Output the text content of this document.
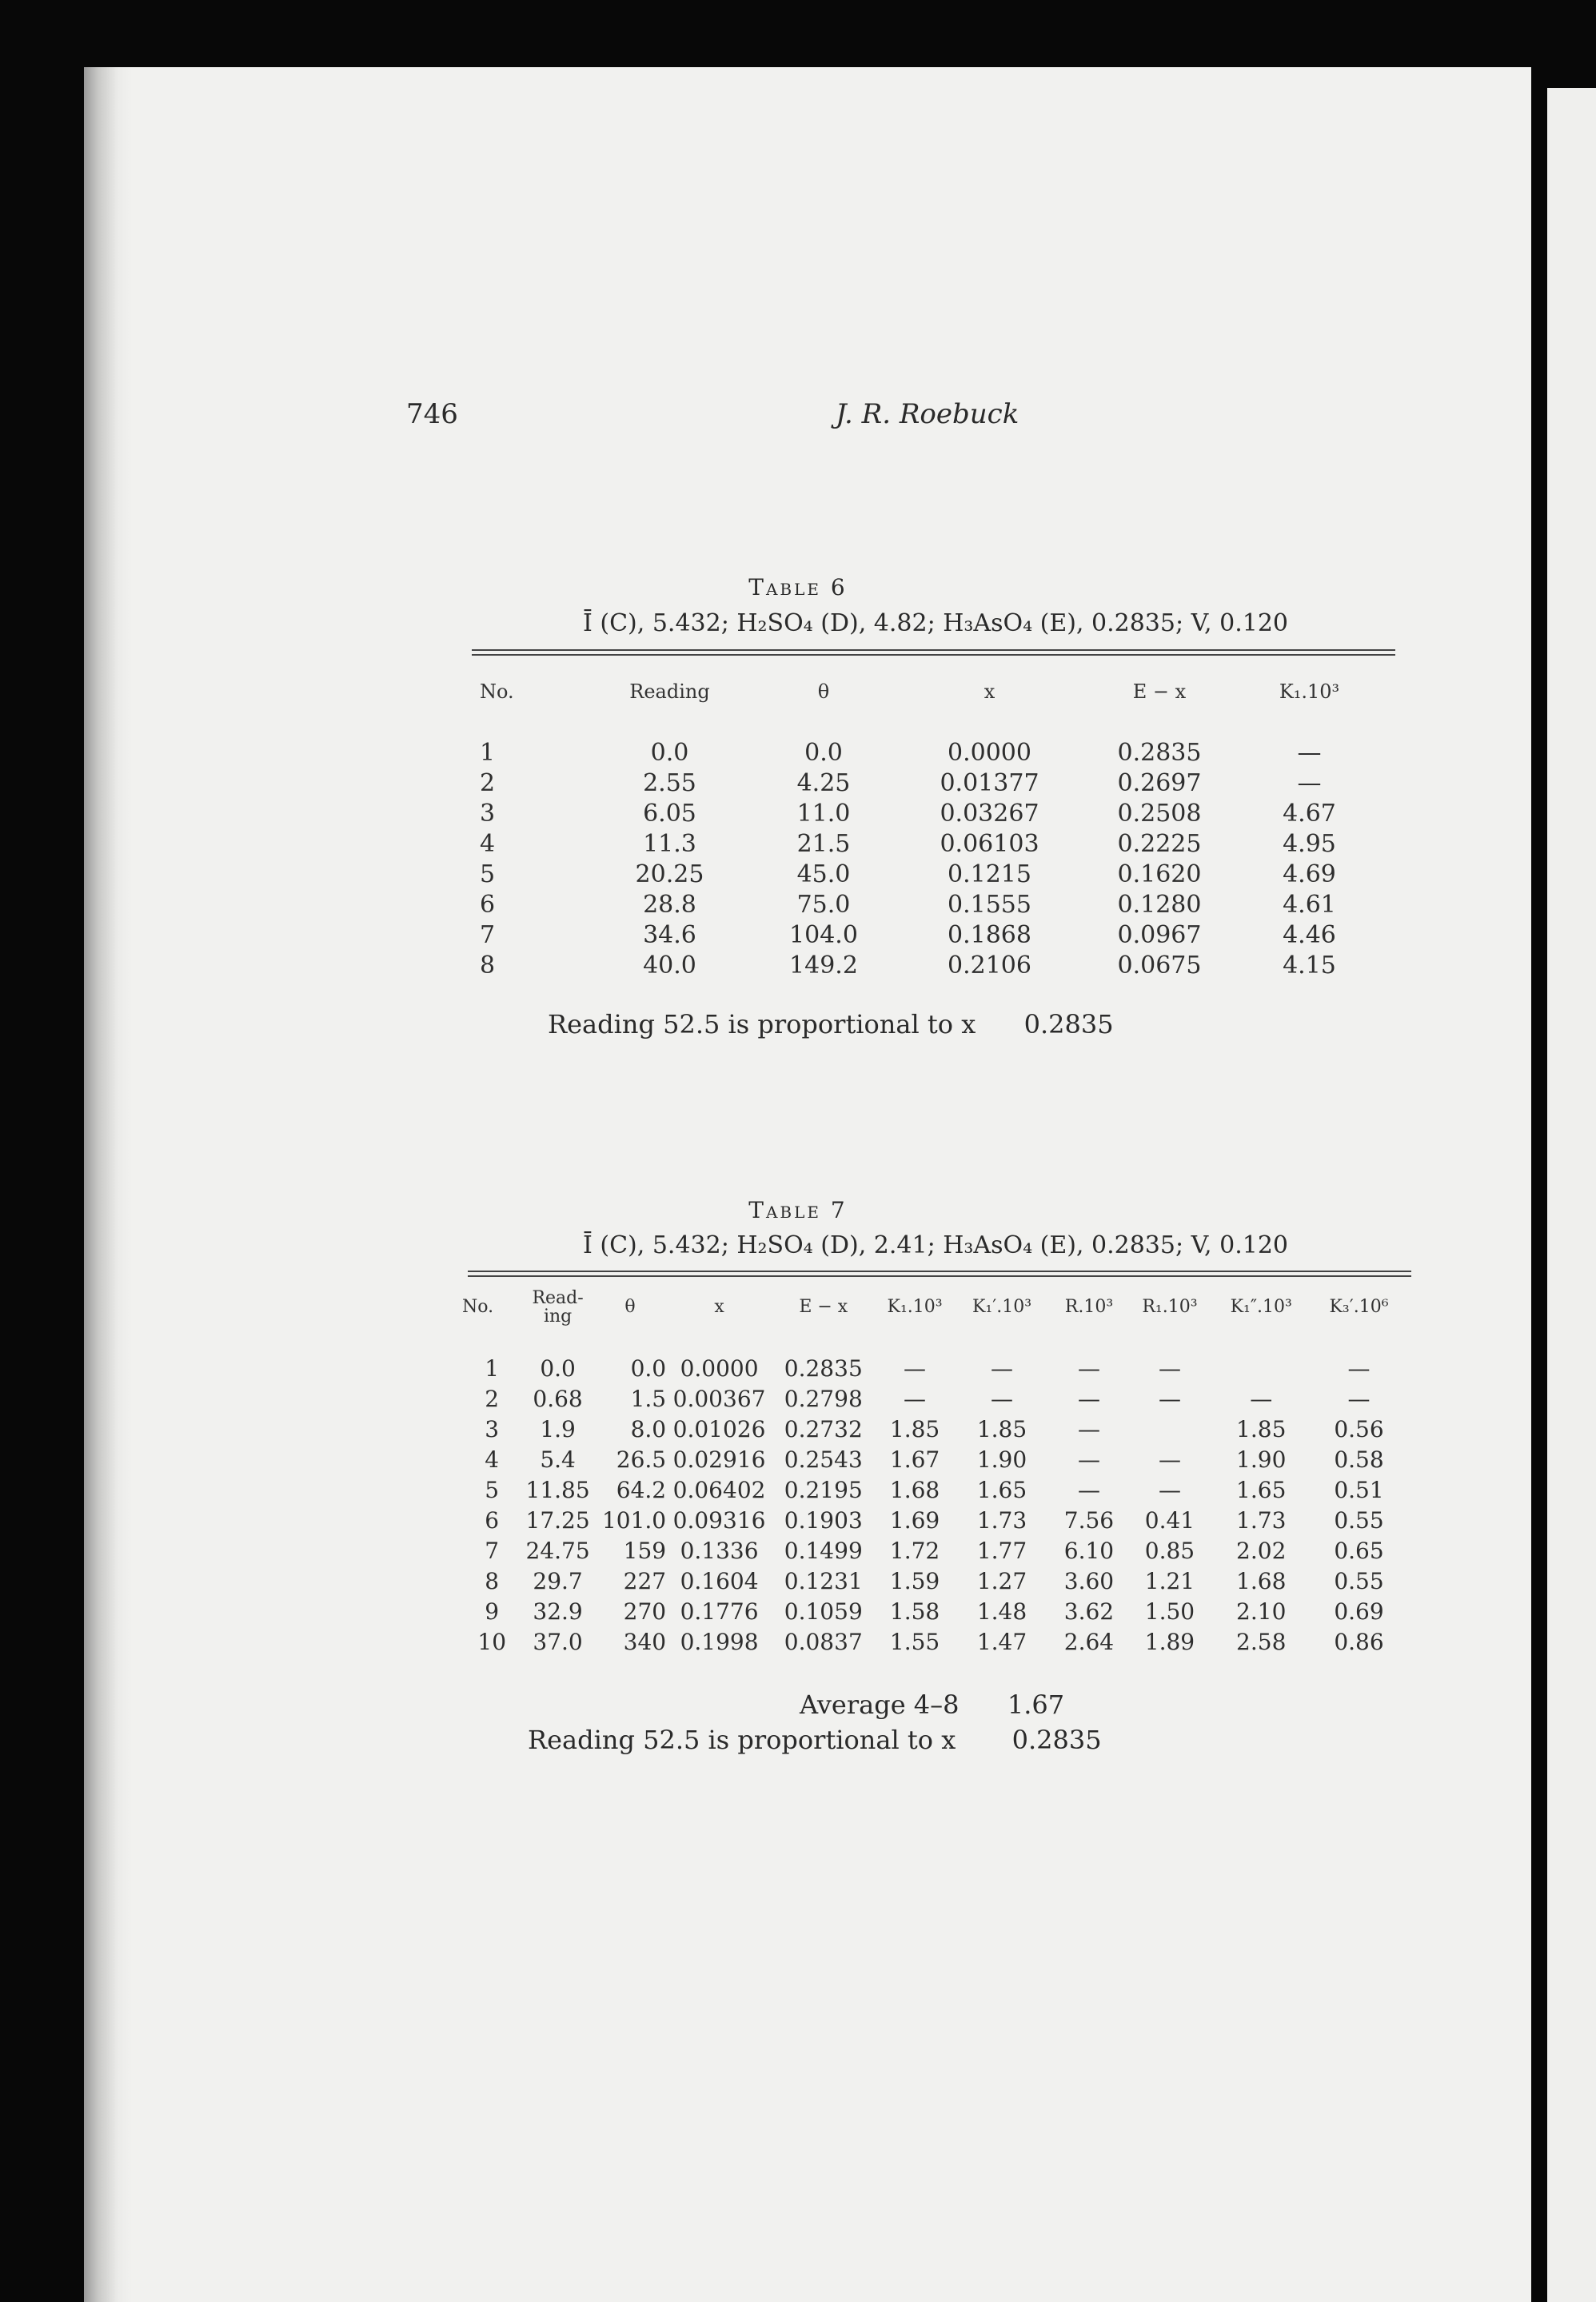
746	J. R. Roebuck
Table 6
Ī (C), 5.432; H₂SO₄ (D), 4.82; H₃AsO₄ (E), 0.2835; V, 0.120
No.	Reading	θ	x	E − x	K₁.10³
1	0.0	0.0	0.0000	0.2835	—
2	2.55	4.25	0.01377	0.2697	—
3	6.05	11.0	0.03267	0.2508	4.67
4	11.3	21.5	0.06103	0.2225	4.95
5	20.25	45.0	0.1215	0.1620	4.69
6	28.8	75.0	0.1555	0.1280	4.61
7	34.6	104.0	0.1868	0.0967	4.46
8	40.0	149.2	0.2106	0.0675	4.15
Reading 52.5 is proportional to x 0.2835
Table 7
Ī (C), 5.432; H₂SO₄ (D), 2.41; H₃AsO₄ (E), 0.2835; V, 0.120
No.	Read-ing	θ	x	E − x	K₁.10³	K₁′.10³	R.10³	R₁.10³	K₁″.10³	K₃′.10⁶
1	0.0	0.0	0.0000	0.2835	—	—	—	—		—
2	0.68	1.5	0.00367	0.2798	—	—	—	—	—	—
3	1.9	8.0	0.01026	0.2732	1.85	1.85	—		1.85	0.56
4	5.4	26.5	0.02916	0.2543	1.67	1.90	—	—	1.90	0.58
5	11.85	64.2	0.06402	0.2195	1.68	1.65	—	—	1.65	0.51
6	17.25	101.0	0.09316	0.1903	1.69	1.73	7.56	0.41	1.73	0.55
7	24.75	159	0.1336	0.1499	1.72	1.77	6.10	0.85	2.02	0.65
8	29.7	227	0.1604	0.1231	1.59	1.27	3.60	1.21	1.68	0.55
9	32.9	270	0.1776	0.1059	1.58	1.48	3.62	1.50	2.10	0.69
10	37.0	340	0.1998	0.0837	1.55	1.47	2.64	1.89	2.58	0.86
Average 4–8 1.67
Reading 52.5 is proportional to x 0.2835
